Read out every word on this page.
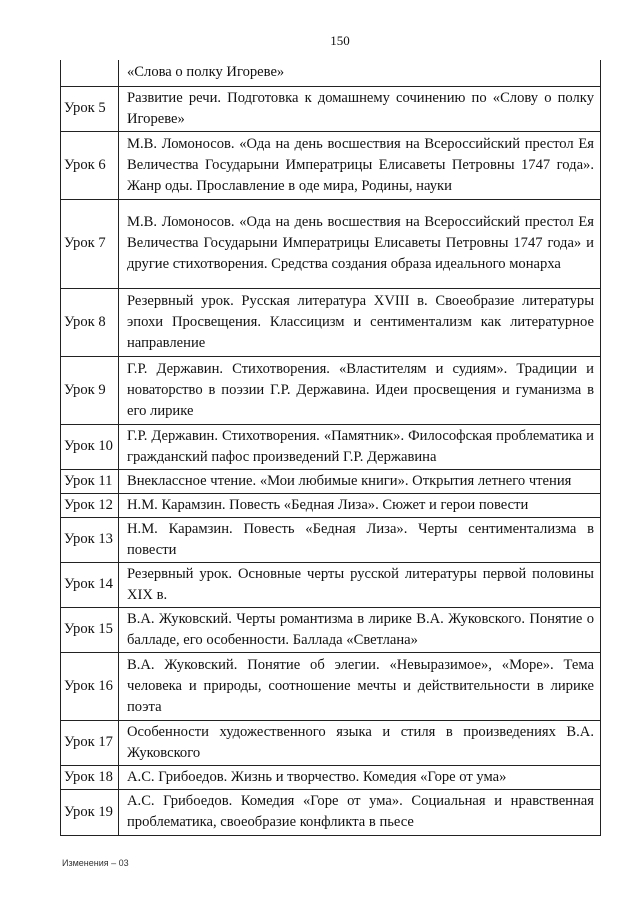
150
	«Слова о полку Игореве»
Урок 5	Развитие речи. Подготовка к домашнему сочинению по «Слову о полку Игореве»
Урок 6	М.В. Ломоносов. «Ода на день восшествия на Всероссийский престол Ея Величества Государыни Императрицы Елисаветы Петровны 1747 года». Жанр оды. Прославление в оде мира, Родины, науки
Урок 7	М.В. Ломоносов. «Ода на день восшествия на Всероссийский престол Ея Величества Государыни Императрицы Елисаветы Петровны 1747 года» и другие стихотворения. Средства создания образа идеального монарха
Урок 8	Резервный урок. Русская литература XVIII в. Своеобразие литературы эпохи Просвещения. Классицизм и сентиментализм как литературное направление
Урок 9	Г.Р. Державин. Стихотворения. «Властителям и судиям». Традиции и новаторство в поэзии Г.Р. Державина. Идеи просвещения и гуманизма в его лирике
Урок 10	Г.Р. Державин. Стихотворения. «Памятник». Философская проблематика и гражданский пафос произведений Г.Р. Державина
Урок 11	Внеклассное чтение. «Мои любимые книги». Открытия летнего чтения
Урок 12	Н.М. Карамзин. Повесть «Бедная Лиза». Сюжет и герои повести
Урок 13	Н.М. Карамзин. Повесть «Бедная Лиза». Черты сентиментализма в повести
Урок 14	Резервный урок. Основные черты русской литературы первой половины XIX в.
Урок 15	В.А. Жуковский. Черты романтизма в лирике В.А. Жуковского. Понятие о балладе, его особенности. Баллада «Светлана»
Урок 16	В.А. Жуковский. Понятие об элегии. «Невыразимое», «Море». Тема человека и природы, соотношение мечты и действительности в лирике поэта
Урок 17	Особенности художественного языка и стиля в произведениях В.А. Жуковского
Урок 18	А.С. Грибоедов. Жизнь и творчество. Комедия «Горе от ума»
Урок 19	А.С. Грибоедов. Комедия «Горе от ума». Социальная и нравственная проблематика, своеобразие конфликта в пьесе
Изменения – 03
